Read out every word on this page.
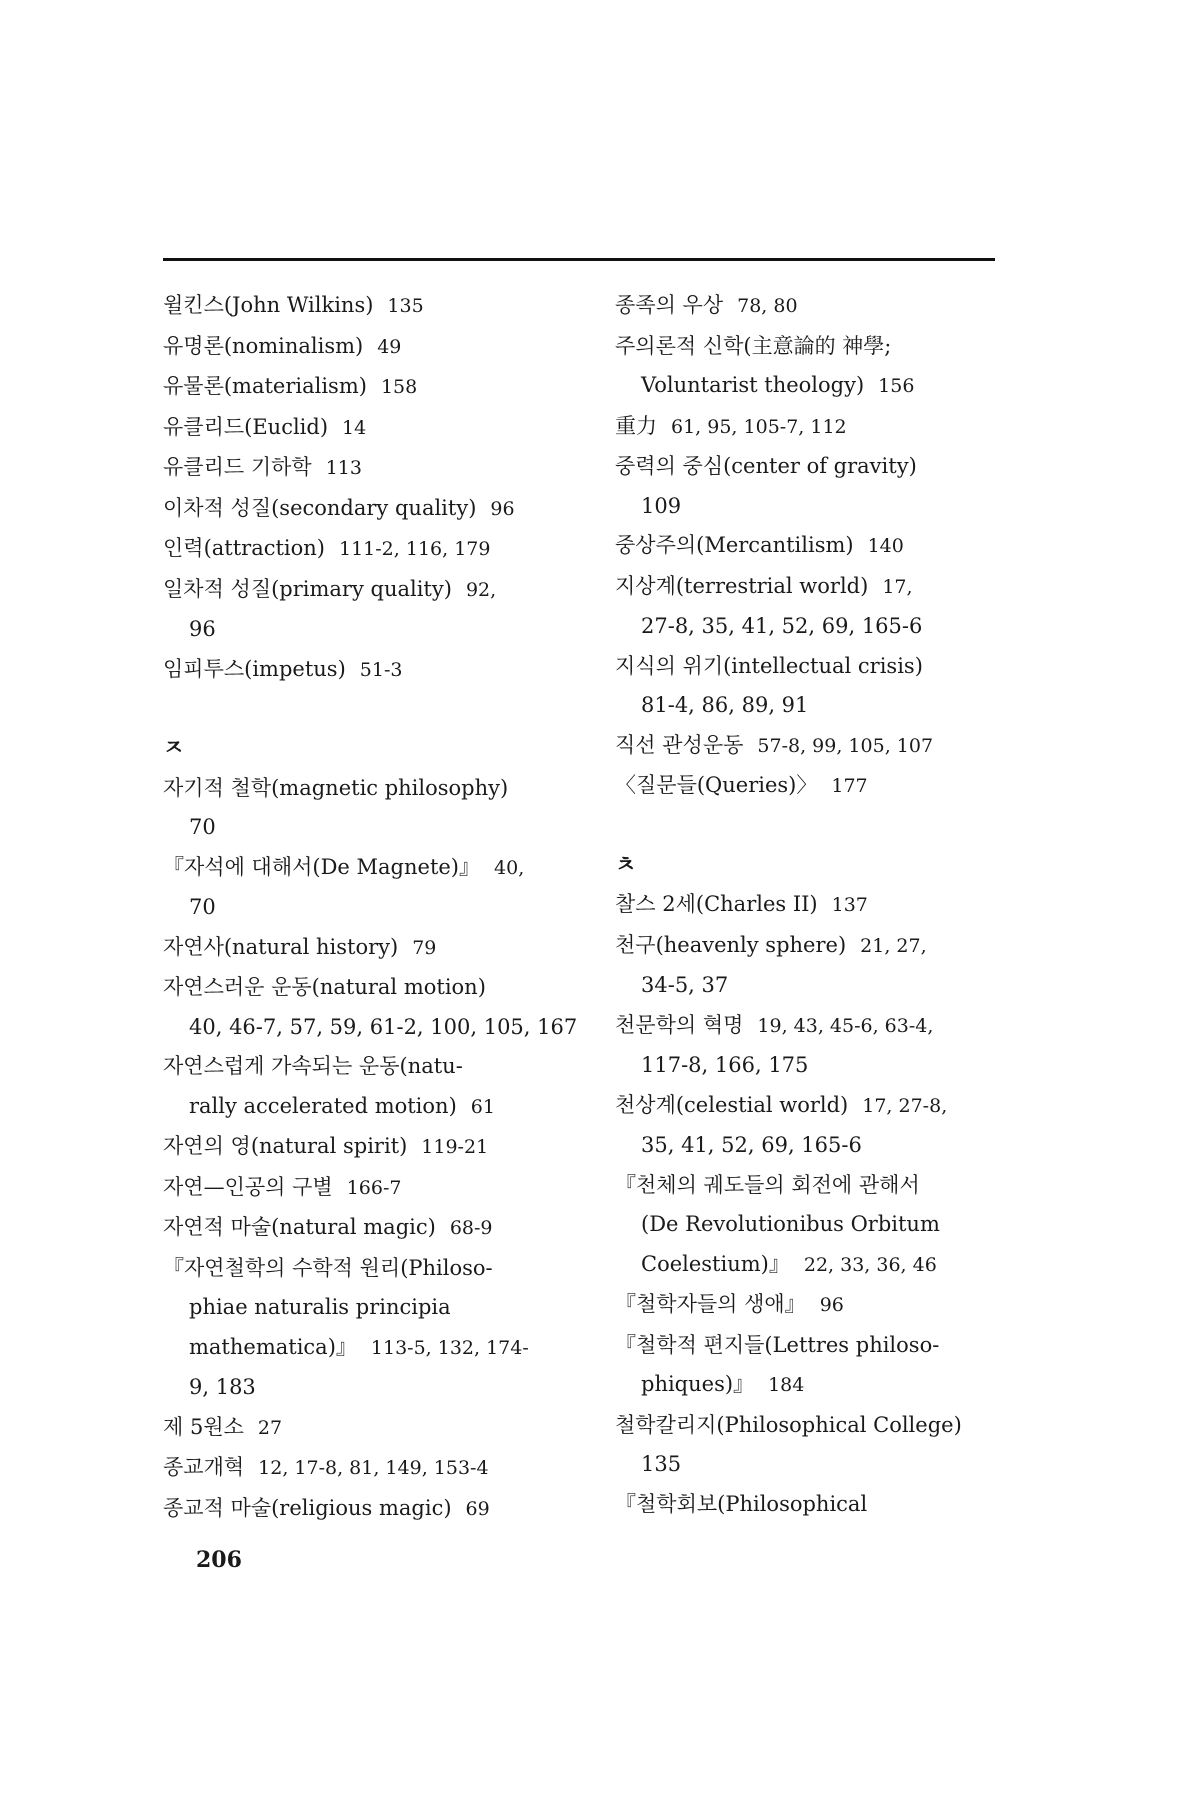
윌킨스(John Wilkins) 135
유명론(nominalism) 49
유물론(materialism) 158
유클리드(Euclid) 14
유클리드 기하학 113
이차적 성질(secondary quality) 96
인력(attraction) 111-2, 116, 179
일차적 성질(primary quality) 92,
96
임피투스(impetus) 51-3
ㅈ
자기적 철학(magnetic philosophy)
70
『자석에 대해서(De Magnete)』 40,
70
자연사(natural history) 79
자연스러운 운동(natural motion)
40, 46-7, 57, 59, 61-2, 100, 105, 167
자연스럽게 가속되는 운동(natu-
rally accelerated motion) 61
자연의 영(natural spirit) 119-21
자연—인공의 구별 166-7
자연적 마술(natural magic) 68-9
『자연철학의 수학적 원리(Philoso-
phiae naturalis principia
mathematica)』 113-5, 132, 174-
9, 183
제 5원소 27
종교개혁 12, 17-8, 81, 149, 153-4
종교적 마술(religious magic) 69
종족의 우상 78, 80
주의론적 신학(主意論的 神學;
Voluntarist theology) 156
重力 61, 95, 105-7, 112
중력의 중심(center of gravity)
109
중상주의(Mercantilism) 140
지상계(terrestrial world) 17,
27-8, 35, 41, 52, 69, 165-6
지식의 위기(intellectual crisis)
81-4, 86, 89, 91
직선 관성운동 57-8, 99, 105, 107
〈질문들(Queries)〉 177
ㅊ
찰스 2세(Charles II) 137
천구(heavenly sphere) 21, 27,
34-5, 37
천문학의 혁명 19, 43, 45-6, 63-4,
117-8, 166, 175
천상계(celestial world) 17, 27-8,
35, 41, 52, 69, 165-6
『천체의 궤도들의 회전에 관해서
(De Revolutionibus Orbitum
Coelestium)』 22, 33, 36, 46
『철학자들의 생애』 96
『철학적 편지들(Lettres philoso-
phiques)』 184
철학칼리지(Philosophical College)
135
『철학회보(Philosophical
206
